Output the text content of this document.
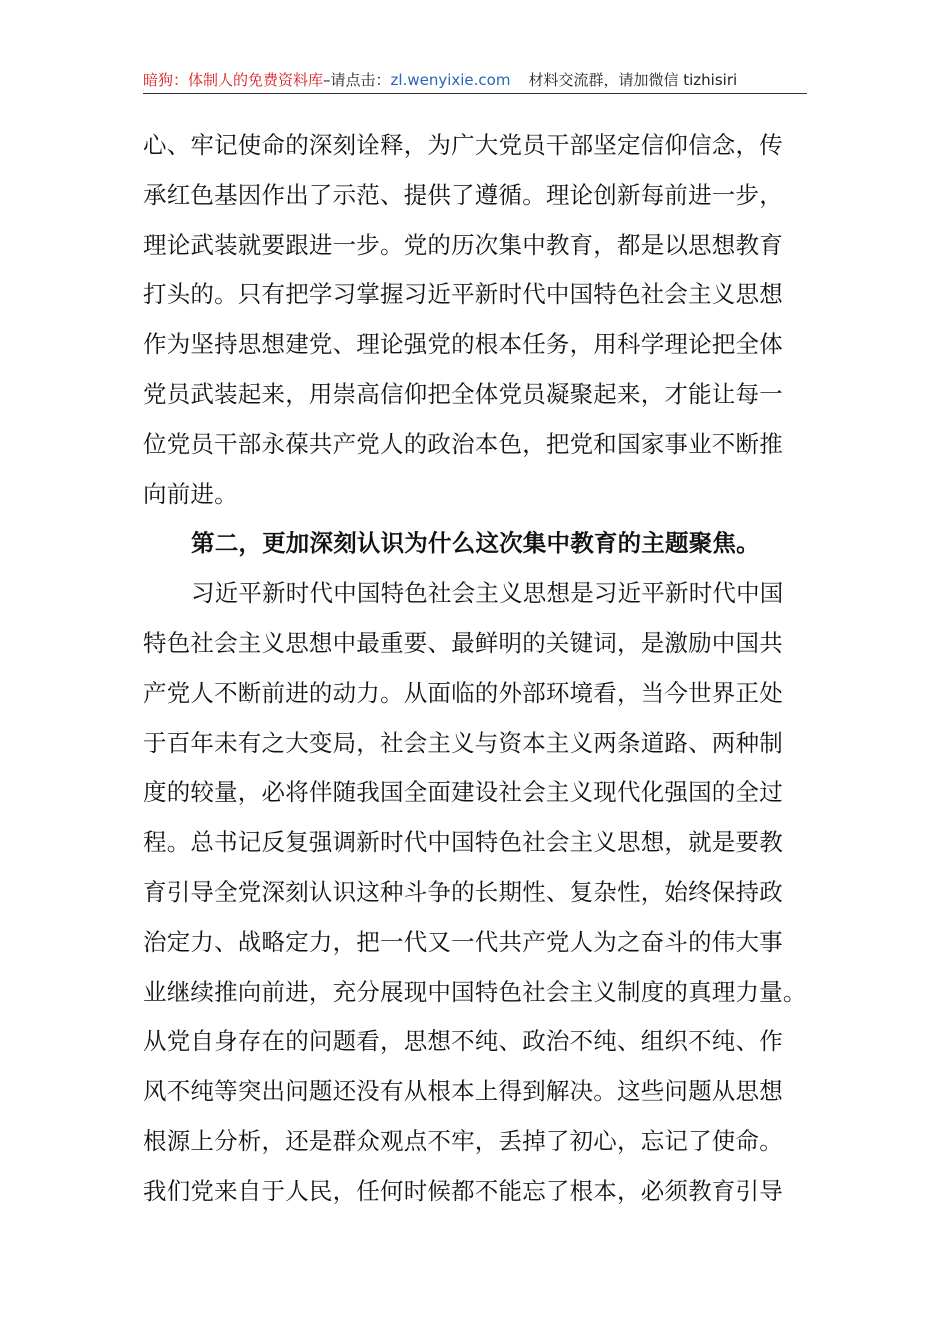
暗狗：体制人的免费资料库 –请点击： zl.wenyixie.com 材料交流群，请加微信 tizhisiri
心、牢记使命的深刻诠释，为广大党员干部坚定信仰信念，传
承红色基因作出了示范、提供了遵循。理论创新每前进一步，
理论武装就要跟进一步。党的历次集中教育，都是以思想教育
打头的。只有把学习掌握习近平新时代中国特色社会主义思想
作为坚持思想建党、理论强党的根本任务，用科学理论把全体
党员武装起来，用崇高信仰把全体党员凝聚起来，才能让每一
位党员干部永葆共产党人的政治本色，把党和国家事业不断推
向前进。
第二，更加深刻认识为什么这次集中教育的主题聚焦。
习近平新时代中国特色社会主义思想是习近平新时代中国
特色社会主义思想中最重要、最鲜明的关键词，是激励中国共
产党人不断前进的动力。从面临的外部环境看，当今世界正处
于百年未有之大变局，社会主义与资本主义两条道路、两种制
度的较量，必将伴随我国全面建设社会主义现代化强国的全过
程。总书记反复强调新时代中国特色社会主义思想，就是要教
育引导全党深刻认识这种斗争的长期性、复杂性，始终保持政
治定力、战略定力，把一代又一代共产党人为之奋斗的伟大事
业继续推向前进，充分展现中国特色社会主义制度的真理力量。
从党自身存在的问题看，思想不纯、政治不纯、组织不纯、作
风不纯等突出问题还没有从根本上得到解决。这些问题从思想
根源上分析，还是群众观点不牢，丢掉了初心，忘记了使命。
我们党来自于人民，任何时候都不能忘了根本，必须教育引导
